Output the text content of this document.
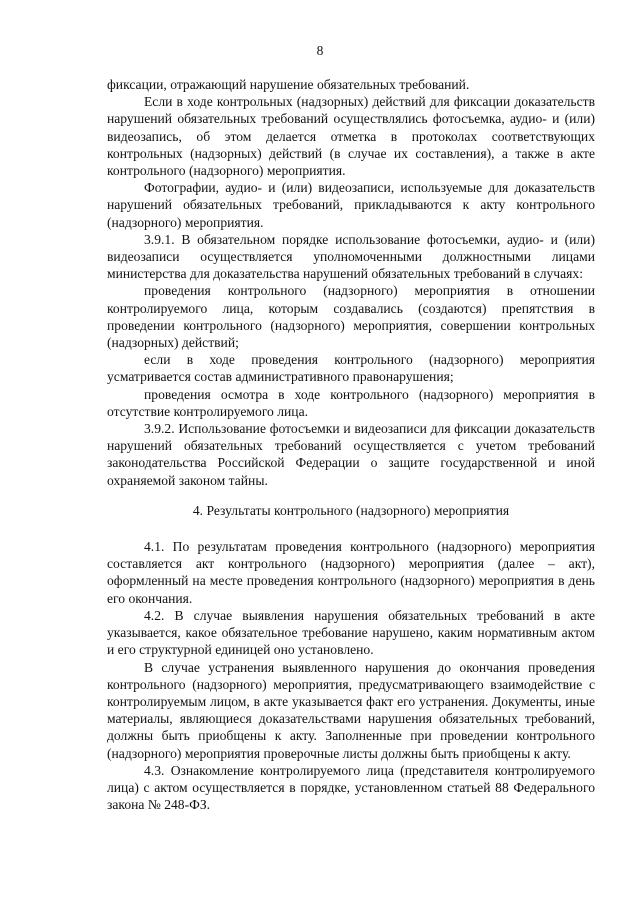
8

фиксации, отражающий нарушение обязательных требований.

Если в ходе контрольных (надзорных) действий для фиксации доказательств нарушений обязательных требований осуществлялись фотосъемка, аудио- и (или) видеозапись, об этом делается отметка в протоколах соответствующих контрольных (надзорных) действий (в случае их составления), а также в акте контрольного (надзорного) мероприятия.

Фотографии, аудио- и (или) видеозаписи, используемые для доказательств нарушений обязательных требований, прикладываются к акту контрольного (надзорного) мероприятия.

3.9.1. В обязательном порядке использование фотосъемки, аудио- и (или) видеозаписи осуществляется уполномоченными должностными лицами министерства для доказательства нарушений обязательных требований в случаях:

проведения контрольного (надзорного) мероприятия в отношении контролируемого лица, которым создавались (создаются) препятствия в проведении контрольного (надзорного) мероприятия, совершении контрольных (надзорных) действий;

если в ходе проведения контрольного (надзорного) мероприятия усматривается состав административного правонарушения;

проведения осмотра в ходе контрольного (надзорного) мероприятия в отсутствие контролируемого лица.

3.9.2. Использование фотосъемки и видеозаписи для фиксации доказательств нарушений обязательных требований осуществляется с учетом требований законодательства Российской Федерации о защите государственной и иной охраняемой законом тайны.

4. Результаты контрольного (надзорного) мероприятия

4.1. По результатам проведения контрольного (надзорного) мероприятия составляется акт контрольного (надзорного) мероприятия (далее – акт), оформленный на месте проведения контрольного (надзорного) мероприятия в день его окончания.

4.2. В случае выявления нарушения обязательных требований в акте указывается, какое обязательное требование нарушено, каким нормативным актом и его структурной единицей оно установлено.

В случае устранения выявленного нарушения до окончания проведения контрольного (надзорного) мероприятия, предусматривающего взаимодействие с контролируемым лицом, в акте указывается факт его устранения. Документы, иные материалы, являющиеся доказательствами нарушения обязательных требований, должны быть приобщены к акту. Заполненные при проведении контрольного (надзорного) мероприятия проверочные листы должны быть приобщены к акту.

4.3. Ознакомление контролируемого лица (представителя контролируемого лица) с актом осуществляется в порядке, установленном статьей 88 Федерального закона № 248-ФЗ.
